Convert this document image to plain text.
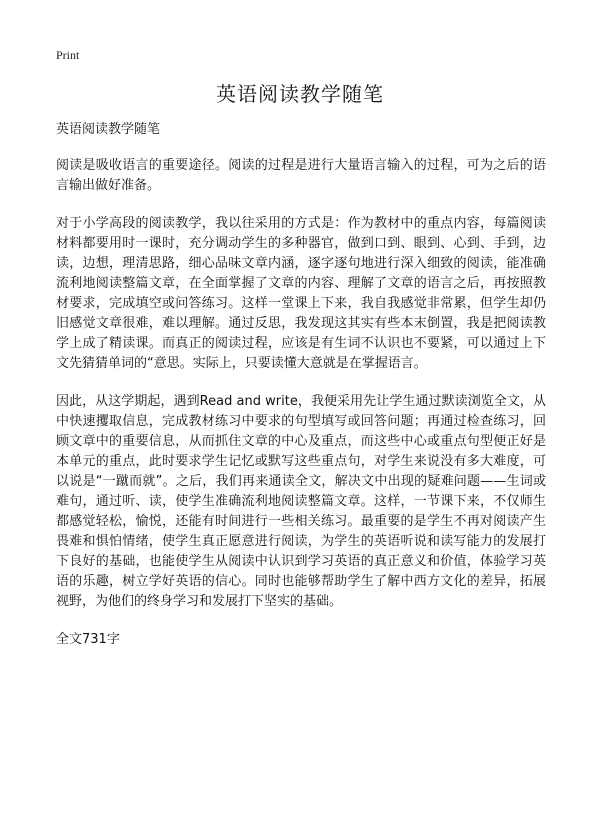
Print
英语阅读教学随笔

英语阅读教学随笔

阅读是吸收语言的重要途径。阅读的过程是进行大量语言输入的过程，可为之后的语言输出做好准备。

对于小学高段的阅读教学，我以往采用的方式是：作为教材中的重点内容，每篇阅读材料都要用时一课时，充分调动学生的多种器官，做到口到、眼到、心到、手到，边读，边想，理清思路，细心品味文章内涵，逐字逐句地进行深入细致的阅读，能准确流利地阅读整篇文章，在全面掌握了文章的内容、理解了文章的语言之后，再按照教材要求，完成填空或问答练习。这样一堂课上下来，我自我感觉非常累，但学生却仍旧感觉文章很难，难以理解。通过反思，我发现这其实有些本末倒置，我是把阅读教学上成了精读课。而真正的阅读过程，应该是有生词不认识也不要紧，可以通过上下文先猜猜单词的“意思。实际上，只要读懂大意就是在掌握语言。

因此，从这学期起，遇到Read and write，我便采用先让学生通过默读浏览全文，从中快速攫取信息，完成教材练习中要求的句型填写或回答问题；再通过检查练习，回顾文章中的重要信息，从而抓住文章的中心及重点，而这些中心或重点句型便正好是本单元的重点，此时要求学生记忆或默写这些重点句，对学生来说没有多大难度，可以说是“一蹴而就”。之后，我们再来通读全文，解决文中出现的疑难问题——生词或难句，通过听、读，使学生准确流利地阅读整篇文章。这样，一节课下来，不仅师生都感觉轻松，愉悦，还能有时间进行一些相关练习。最重要的是学生不再对阅读产生畏难和惧怕情绪，使学生真正愿意进行阅读，为学生的英语听说和读写能力的发展打下良好的基础，也能使学生从阅读中认识到学习英语的真正意义和价值，体验学习英语的乐趣，树立学好英语的信心。同时也能够帮助学生了解中西方文化的差异，拓展视野，为他们的终身学习和发展打下坚实的基础。

全文731字
